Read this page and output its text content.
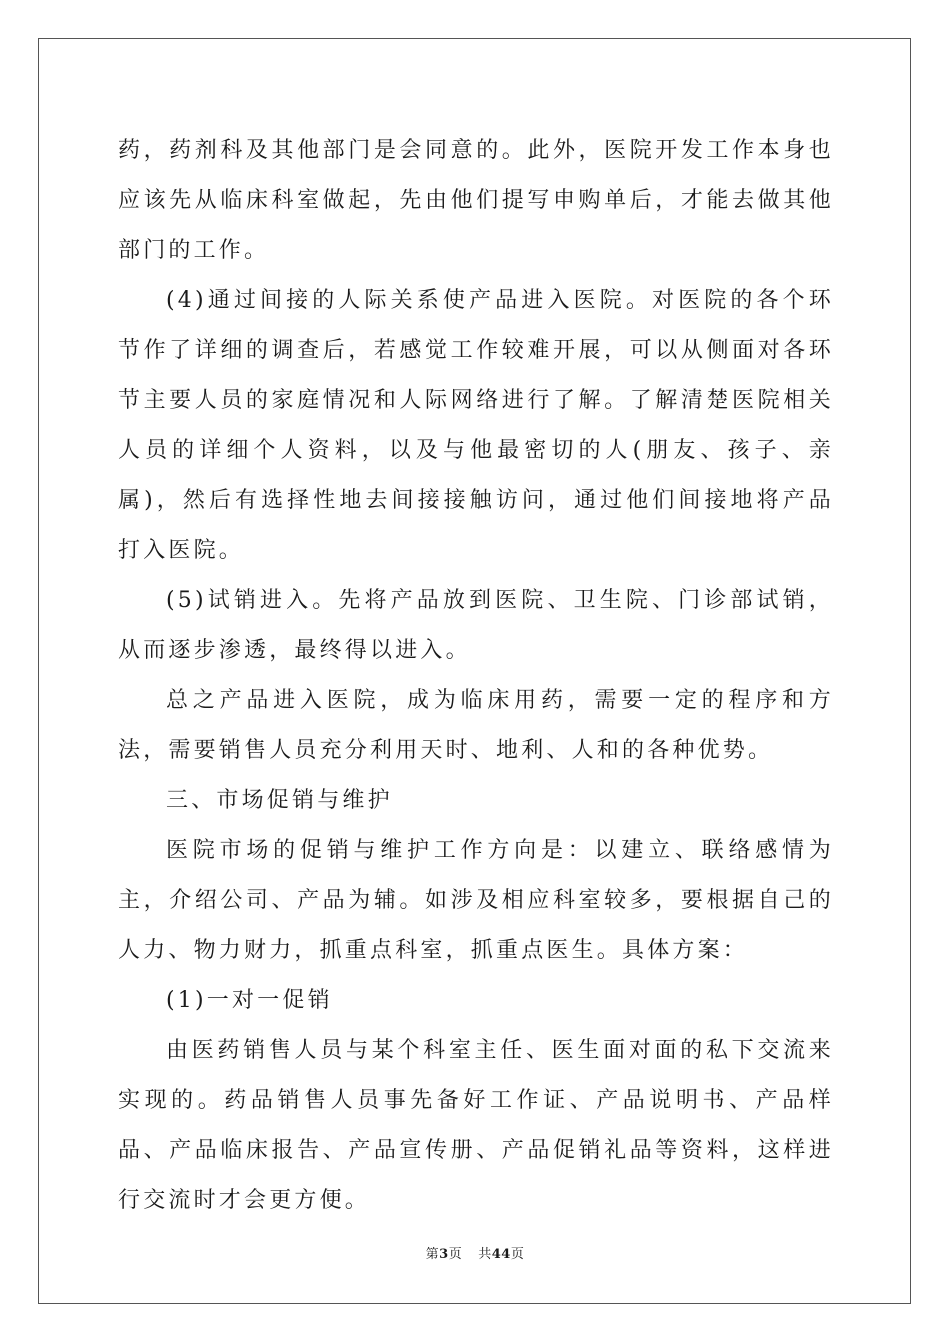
药，药剂科及其他部门是会同意的。此外，医院开发工作本身也应该先从临床科室做起，先由他们提写申购单后，才能去做其他部门的工作。

(4)通过间接的人际关系使产品进入医院。对医院的各个环节作了详细的调查后，若感觉工作较难开展，可以从侧面对各环节主要人员的家庭情况和人际网络进行了解。了解清楚医院相关人员的详细个人资料，以及与他最密切的人(朋友、孩子、亲属)，然后有选择性地去间接接触访问，通过他们间接地将产品打入医院。

(5)试销进入。先将产品放到医院、卫生院、门诊部试销，从而逐步渗透，最终得以进入。

总之产品进入医院，成为临床用药，需要一定的程序和方法，需要销售人员充分利用天时、地利、人和的各种优势。

三、市场促销与维护

医院市场的促销与维护工作方向是：以建立、联络感情为主，介绍公司、产品为辅。如涉及相应科室较多，要根据自己的人力、物力财力，抓重点科室，抓重点医生。具体方案：

(1)一对一促销

由医药销售人员与某个科室主任、医生面对面的私下交流来实现的。药品销售人员事先备好工作证、产品说明书、产品样品、产品临床报告、产品宣传册、产品促销礼品等资料，这样进行交流时才会更方便。

第3页 共44页
